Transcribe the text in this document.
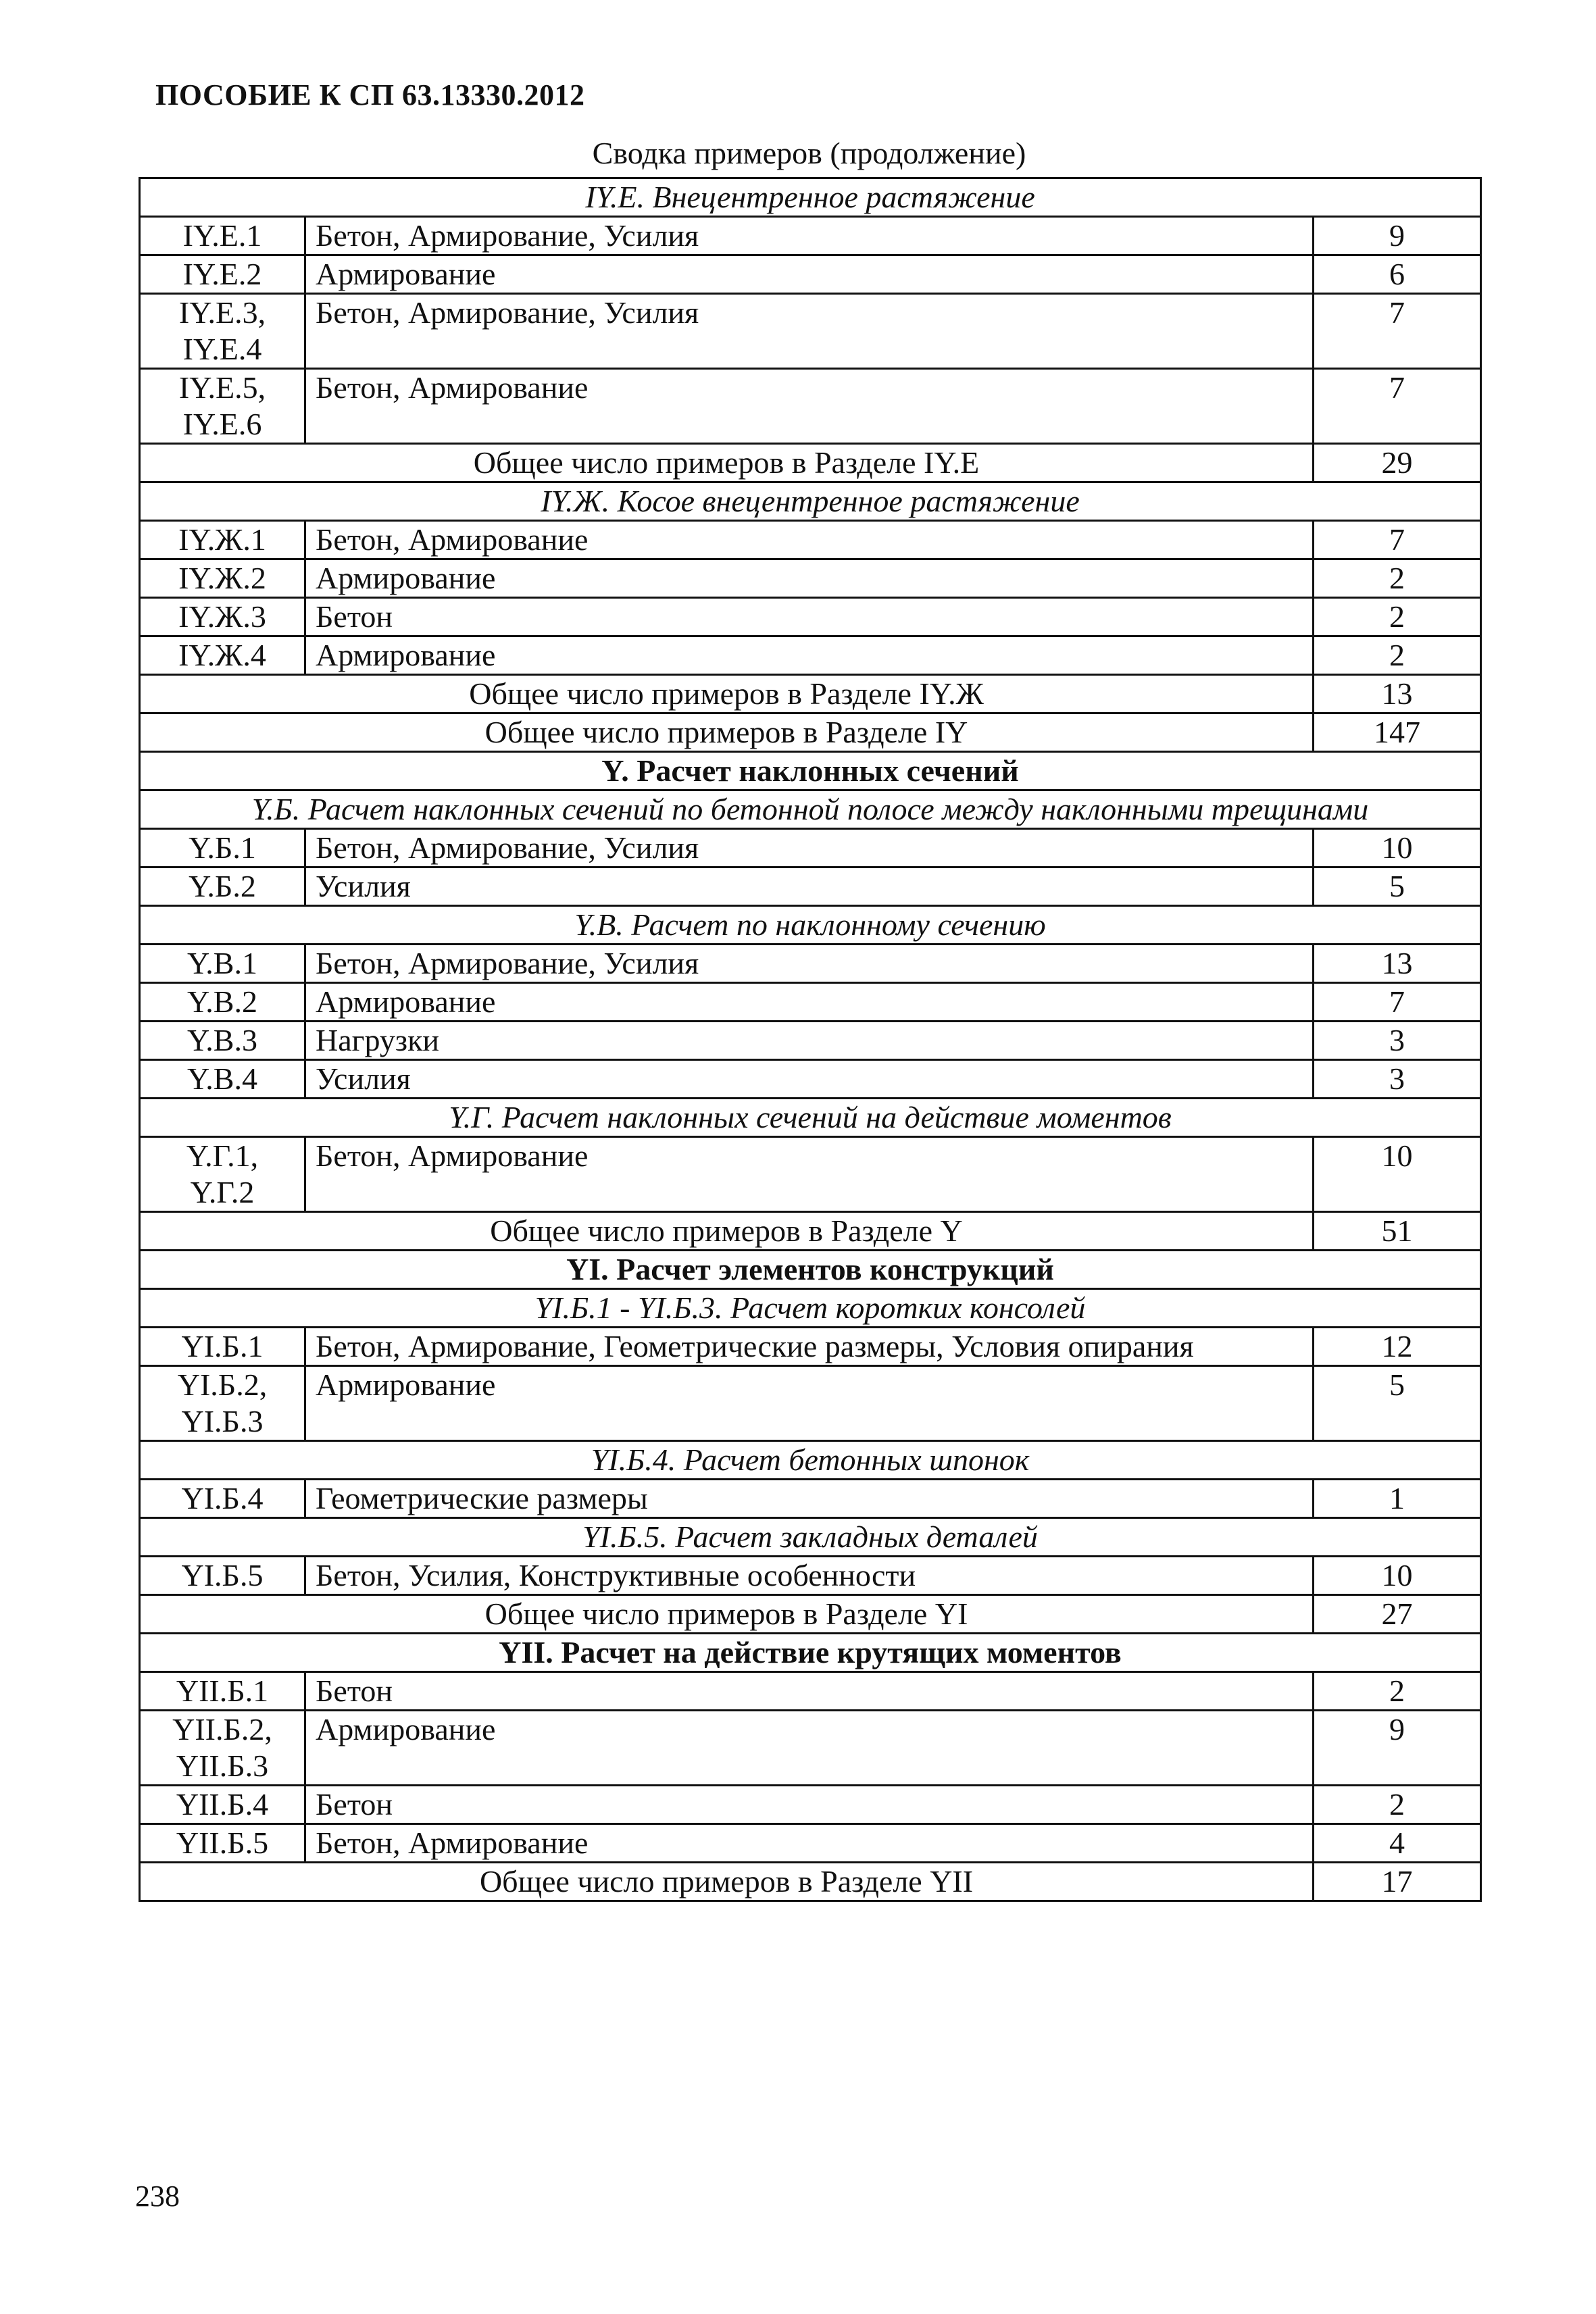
ПОСОБИЕ К СП 63.13330.2012
Сводка примеров (продолжение)
IY.E. Внецентренное растяжение		
IY.E.1	Бетон, Армирование, Усилия	9
IY.E.2	Армирование	6
IY.E.3,
IY.E.4	Бетон, Армирование, Усилия	7
IY.E.5,
IY.E.6	Бетон, Армирование	7
Общее число примеров в Разделе IY.E		29
IY.Ж. Косое внецентренное растяжение		
IY.Ж.1	Бетон, Армирование	7
IY.Ж.2	Армирование	2
IY.Ж.3	Бетон	2
IY.Ж.4	Армирование	2
Общее число примеров в Разделе IY.Ж		13
Общее число примеров в Разделе IY		147
Y. Расчет наклонных сечений		
Y.Б. Расчет наклонных сечений по бетонной полосе между наклонными трещинами		
Y.Б.1	Бетон, Армирование, Усилия	10
Y.Б.2	Усилия	5
Y.B. Расчет по наклонному сечению		
Y.B.1	Бетон, Армирование, Усилия	13
Y.B.2	Армирование	7
Y.B.3	Нагрузки	3
Y.B.4	Усилия	3
Y.Г. Расчет наклонных сечений на действие моментов		
Y.Г.1,
Y.Г.2	Бетон, Армирование	10
Общее число примеров в Разделе Y		51
YI. Расчет элементов конструкций		
YI.Б.1 - YI.Б.3. Расчет коротких консолей		
YI.Б.1	Бетон, Армирование, Геометрические размеры, Условия опирания	12
YI.Б.2,
YI.Б.3	Армирование	5
YI.Б.4. Расчет бетонных шпонок		
YI.Б.4	Геометрические размеры	1
YI.Б.5. Расчет закладных деталей		
YI.Б.5	Бетон, Усилия, Конструктивные особенности	10
Общее число примеров в Разделе YI		27
YII. Расчет на действие крутящих моментов		
YII.Б.1	Бетон	2
YII.Б.2,
YII.Б.3	Армирование	9
YII.Б.4	Бетон	2
YII.Б.5	Бетон, Армирование	4
Общее число примеров в Разделе YII		17
238
